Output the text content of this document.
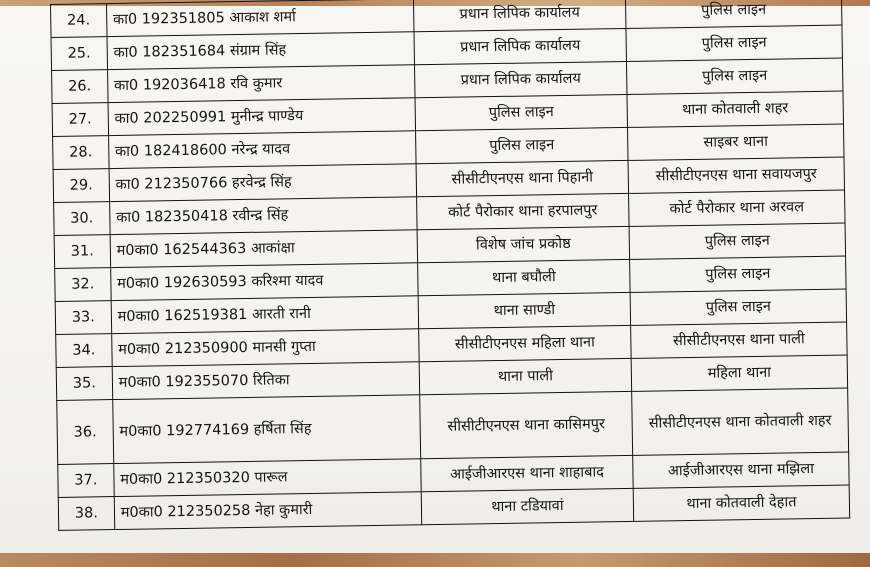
24.	का0 192351805 आकाश शर्मा	प्रधान लिपिक कार्यालय	पुलिस लाइन
25.	का0 182351684 संग्राम सिंह	प्रधान लिपिक कार्यालय	पुलिस लाइन
26.	का0 192036418 रवि कुमार	प्रधान लिपिक कार्यालय	पुलिस लाइन
27.	का0 202250991 मुनीन्द्र पाण्डेय	पुलिस लाइन	थाना कोतवाली शहर
28.	का0 182418600 नरेन्द्र यादव	पुलिस लाइन	साइबर थाना
29.	का0 212350766 हरवेन्द्र सिंह	सीसीटीएनएस थाना पिहानी	सीसीटीएनएस थाना सवायजपुर
30.	का0 182350418 रवीन्द्र सिंह	कोर्ट पैरोकार थाना हरपालपुर	कोर्ट पैरोकार थाना अरवल
31.	म0का0 162544363 आकांक्षा	विशेष जांच प्रकोष्ठ	पुलिस लाइन
32.	म0का0 192630593 करिश्मा यादव	थाना बघौली	पुलिस लाइन
33.	म0का0 162519381 आरती रानी	थाना साण्डी	पुलिस लाइन
34.	म0का0 212350900 मानसी गुप्ता	सीसीटीएनएस महिला थाना	सीसीटीएनएस थाना पाली
35.	म0का0 192355070 रितिका	थाना पाली	महिला थाना
36.	म0का0 192774169 हर्षिता सिंह	सीसीटीएनएस थाना कासिमपुर	सीसीटीएनएस थाना कोतवाली शहर
37.	म0का0 212350320 पारूल	आईजीआरएस थाना शाहाबाद	आईजीआरएस थाना मझिला
38.	म0का0 212350258 नेहा कुमारी	थाना टडियावां	थाना कोतवाली देहात
